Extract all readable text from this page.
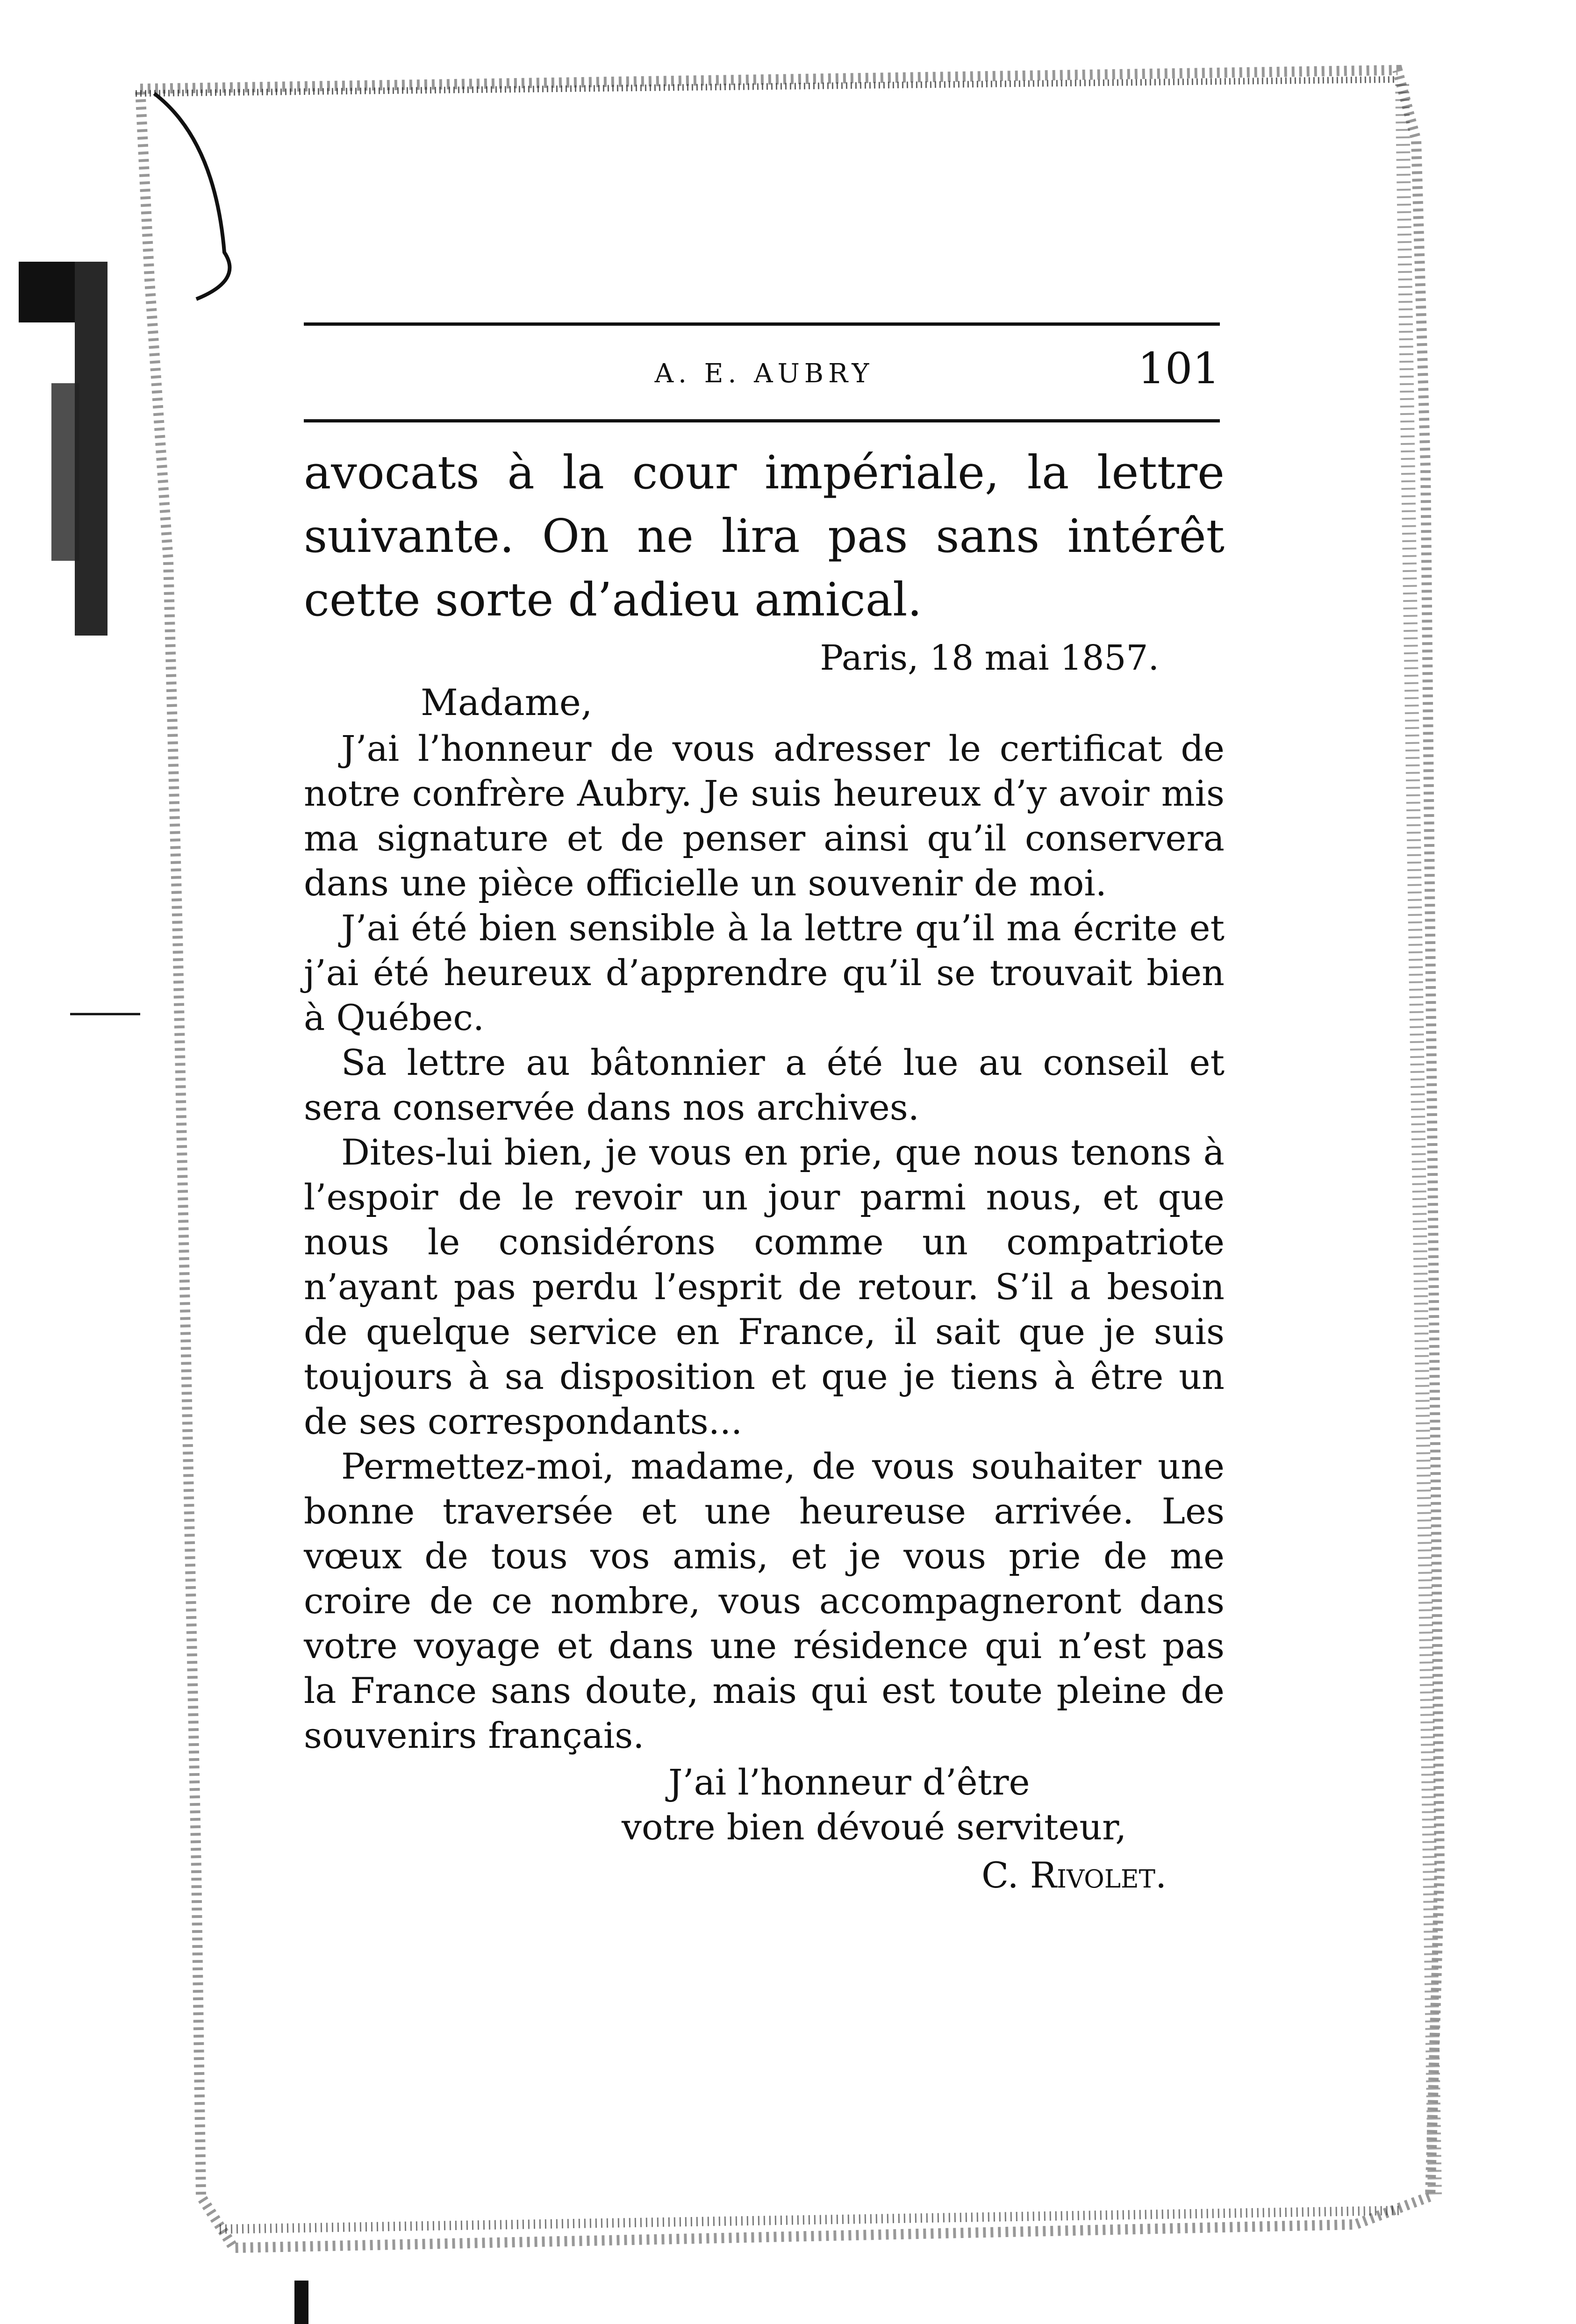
A. E. AUBRY	101
avocats à la cour impériale, la lettre suivante. On ne lira pas sans intérêt cette sorte d’adieu amical.
Paris, 18 mai 1857.
Madame,

J’ai l’honneur de vous adresser le certificat de notre confrère Aubry. Je suis heureux d’y avoir mis ma signature et de penser ainsi qu’il conservera dans une pièce officielle un souvenir de moi.

J’ai été bien sensible à la lettre qu’il ma écrite et j’ai été heureux d’apprendre qu’il se trouvait bien à Québec.

Sa lettre au bâtonnier a été lue au conseil et sera conservée dans nos archives.

Dites-lui bien, je vous en prie, que nous tenons à l’espoir de le revoir un jour parmi nous, et que nous le considérons comme un compatriote n’ayant pas perdu l’esprit de retour. S’il a besoin de quelque service en France, il sait que je suis toujours à sa disposition et que je tiens à être un de ses correspondants...

Permettez-moi, madame, de vous souhaiter une bonne traversée et une heureuse arrivée. Les vœux de tous vos amis, et je vous prie de me croire de ce nombre, vous accompagneront dans votre voyage et dans une résidence qui n’est pas la France sans doute, mais qui est toute pleine de souvenirs français.

J’ai l’honneur d’être
votre bien dévoué serviteur,
C. Rivolet.
